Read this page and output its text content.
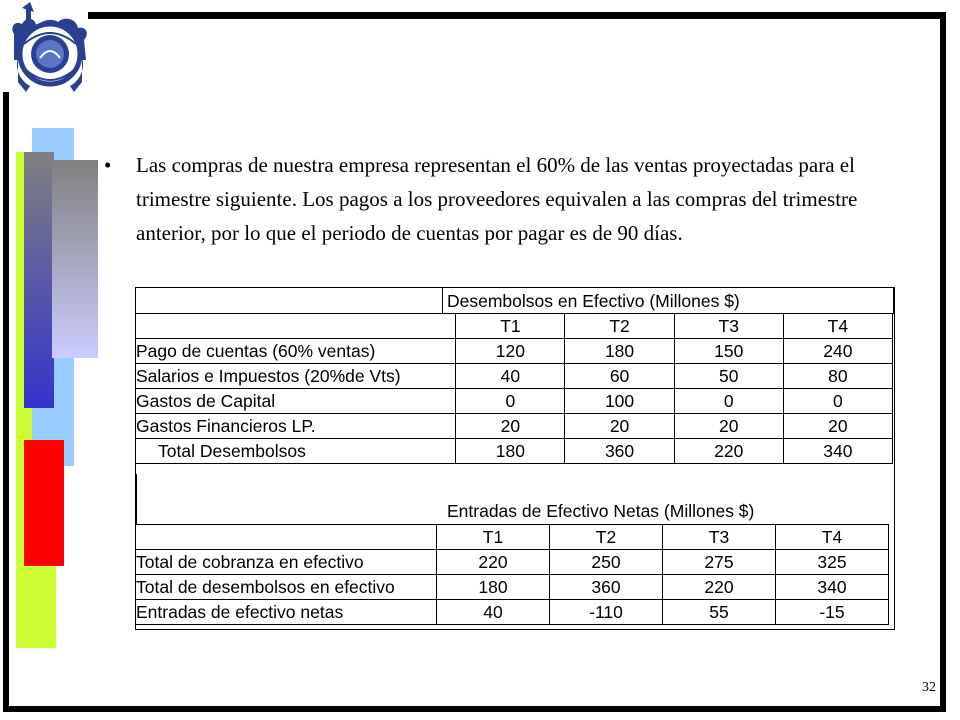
• Las compras de nuestra empresa representan el 60% de las ventas proyectadas para el trimestre siguiente. Los pagos a los proveedores equivalen a las compras del trimestre anterior, por lo que el periodo de cuentas por pagar es de 90 días.
Desembolsos en Efectivo (Millones $)
Entradas de Efectivo Netas (Millones $)
	T1	T2	T3	T4
Pago de cuentas (60% ventas)	120	180	150	240
Salarios e Impuestos (20%de Vts)	40	60	50	80
Gastos de Capital	0	100	0	0
Gastos Financieros LP.	20	20	20	20
Total Desembolsos	180	360	220	340
	T1	T2	T3	T4
Total de cobranza en efectivo	220	250	275	325
Total de desembolsos en efectivo	180	360	220	340
Entradas de efectivo netas	40	-110	55	-15
32
